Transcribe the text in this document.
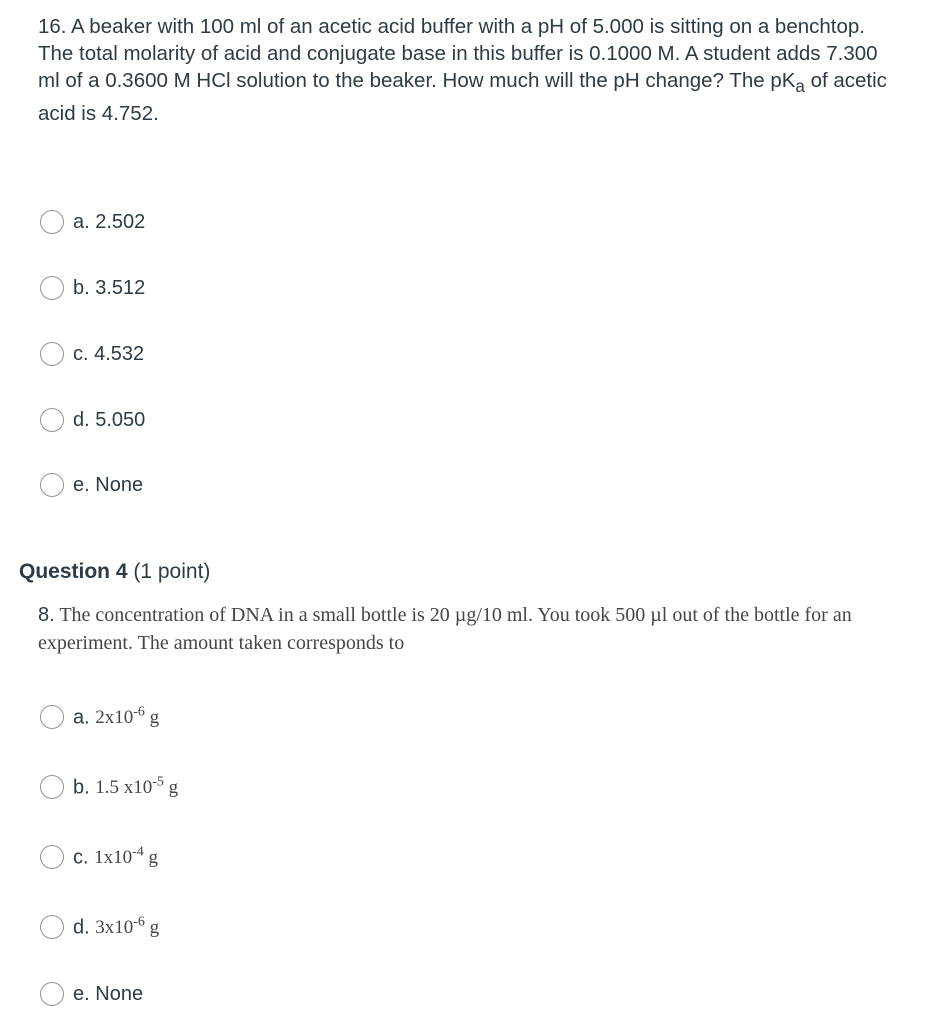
16. A beaker with 100 ml of an acetic acid buffer with a pH of 5.000 is sitting on a benchtop. The total molarity of acid and conjugate base in this buffer is 0.1000 M. A student adds 7.300 ml of a 0.3600 M HCl solution to the beaker. How much will the pH change? The $pK_a$ of acetic acid is 4.752.
a. 2.502
b. 3.512
c. 4.532
d. 5.050
e. None
Question 4 (1 point)
8. The concentration of DNA in a small bottle is 20 µg/10 ml. You took 500 µl out of the bottle for an experiment. The amount taken corresponds to
a. $2x10^{-6}$ g
b. 1.5 $x10^{-5}$ g
c. $1x10^{-4}$ g
d. $3x10^{-6}$ g
e. None
